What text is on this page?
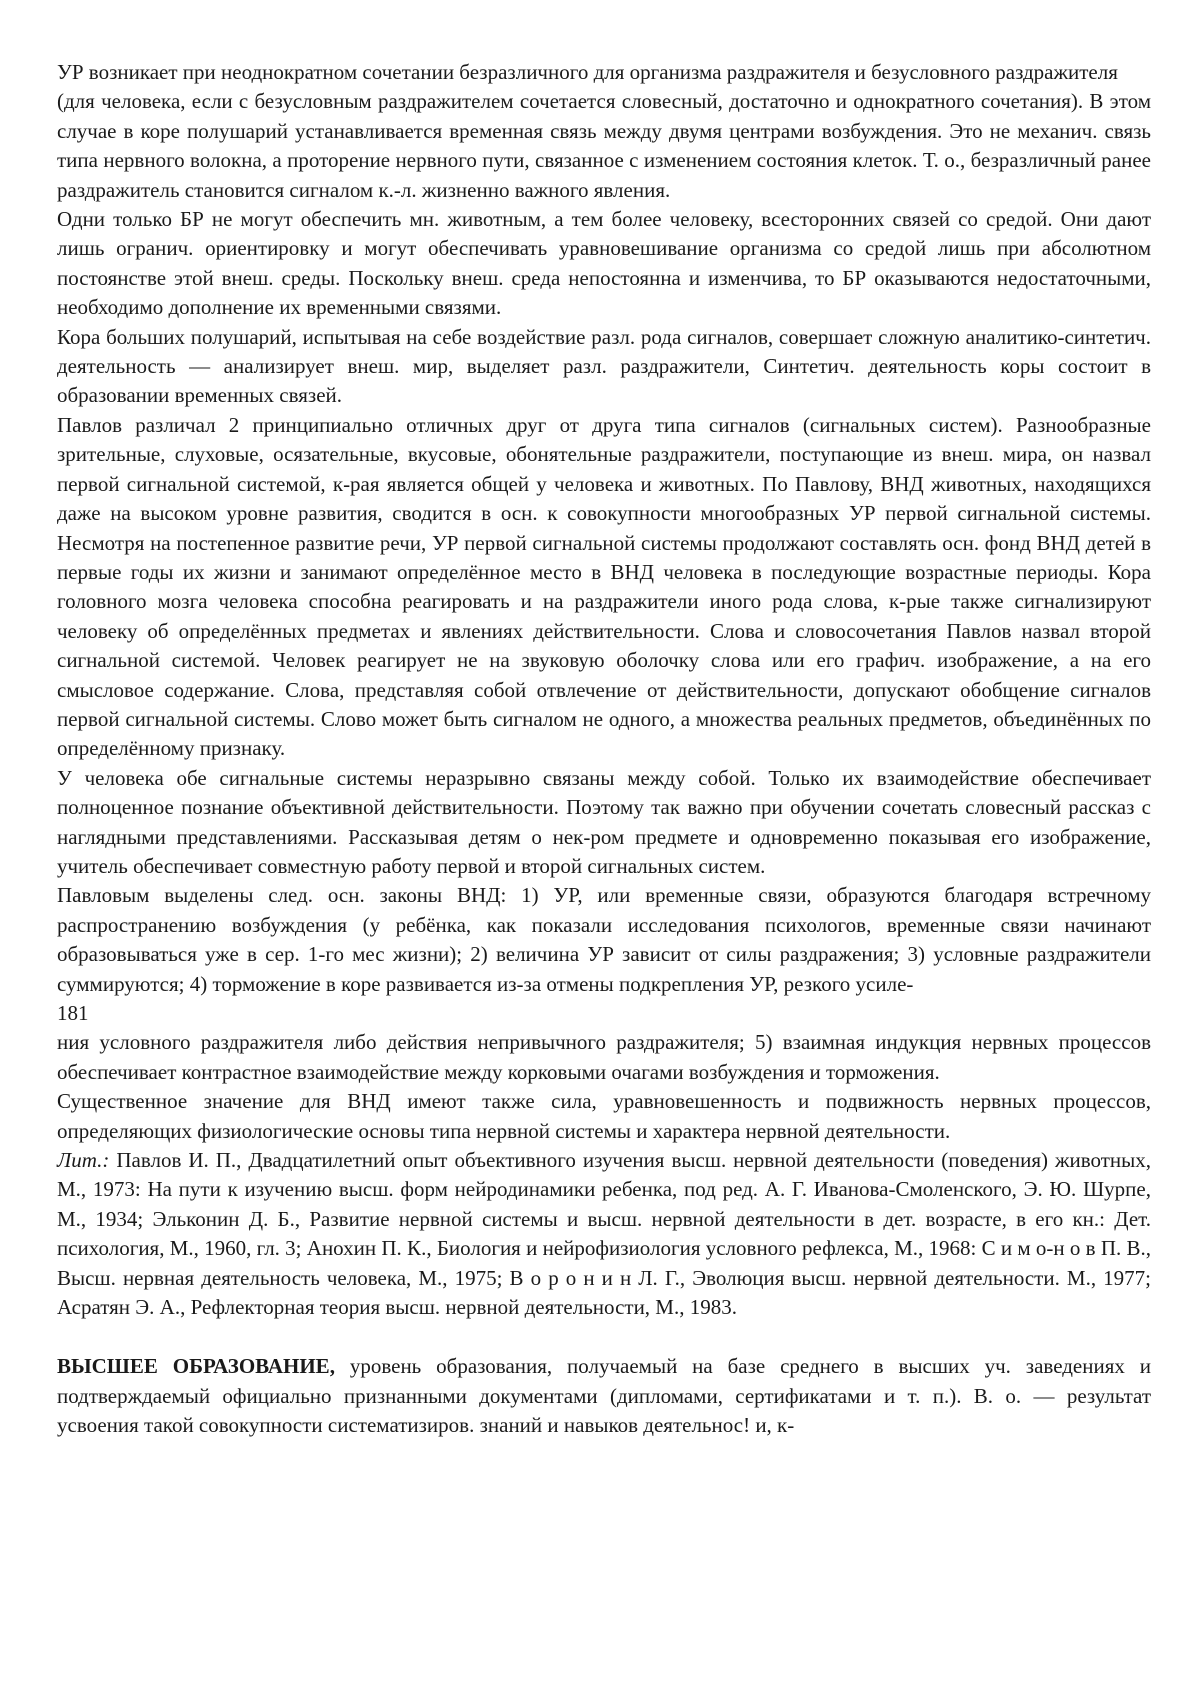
УР возникает при неоднократном сочетании безразличного для организма раздражителя и безусловного раздражителя

(для человека, если с безусловным раздражителем сочетается словесный, достаточно и однократного сочетания). В этом случае в коре полушарий устанавливается временная связь между двумя центрами возбуждения. Это не механич. связь типа нервного волокна, а проторение нервного пути, связанное с изменением состояния клеток. Т. о., безразличный ранее раздражитель становится сигналом к.-л. жизненно важного явления.

Одни только БР не могут обеспечить мн. животным, а тем более человеку, всесторонних связей со средой. Они дают лишь огранич. ориентировку и могут обеспечивать уравновешивание организма со средой лишь при абсолютном постоянстве этой внеш. среды. Поскольку внеш. среда непостоянна и изменчива, то БР оказываются недостаточными, необходимо дополнение их временными связями.

Кора больших полушарий, испытывая на себе воздействие разл. рода сигналов, совершает сложную аналитико-синтетич. деятельность — анализирует внеш. мир, выделяет разл. раздражители, Синтетич. деятельность коры состоит в образовании временных связей.

Павлов различал 2 принципиально отличных друг от друга типа сигналов (сигнальных систем). Разнообразные зрительные, слуховые, осязательные, вкусовые, обонятельные раздражители, поступающие из внеш. мира, он назвал первой сигнальной системой, к-рая является общей у человека и животных. По Павлову, ВНД животных, находящихся даже на высоком уровне развития, сводится в осн. к совокупности многообразных УР первой сигнальной системы. Несмотря на постепенное развитие речи, УР первой сигнальной системы продолжают составлять осн. фонд ВНД детей в первые годы их жизни и занимают определённое место в ВНД человека в последующие возрастные периоды. Кора головного мозга человека способна реагировать и на раздражители иного рода слова, к-рые также сигнализируют человеку об определённых предметах и явлениях действительности. Слова и словосочетания Павлов назвал второй сигнальной системой. Человек реагирует не на звуковую оболочку слова или его графич. изображение, а на его смысловое содержание. Слова, представляя собой отвлечение от действительности, допускают обобщение сигналов первой сигнальной системы. Слово может быть сигналом не одного, а множества реальных предметов, объединённых по определённому признаку.

У человека обе сигнальные системы неразрывно связаны между собой. Только их взаимодействие обеспечивает полноценное познание объективной действительности. Поэтому так важно при обучении сочетать словесный рассказ с наглядными представлениями. Рассказывая детям о нек-ром предмете и одновременно показывая его изображение, учитель обеспечивает совместную работу первой и второй сигнальных систем.

Павловым выделены след. осн. законы ВНД: 1) УР, или временные связи, образуются благодаря встречному распространению возбуждения (у ребёнка, как показали исследования психологов, временные связи начинают образовываться уже в сер. 1-го мес жизни); 2) величина УР зависит от силы раздражения; 3) условные раздражители суммируются; 4) торможение в коре развивается из-за отмены подкрепления УР, резкого усиле-

181

ния условного раздражителя либо действия непривычного раздражителя; 5) взаимная индукция нервных процессов обеспечивает контрастное взаимодействие между корковыми очагами возбуждения и торможения.

Существенное значение для ВНД имеют также сила, уравновешенность и подвижность нервных процессов, определяющих физиологические основы типа нервной системы и характера нервной деятельности.

Лит.: Павлов И. П., Двадцатилетний опыт объективного изучения высш. нервной деятельности (поведения) животных, М., 1973: На пути к изучению высш. форм нейродинамики ребенка, под ред. А. Г. Иванова-Смоленского, Э. Ю. Шурпе, М., 1934; Эльконин Д. Б., Развитие нервной системы и высш. нервной деятельности в дет. возрасте, в его кн.: Дет. психология, М., 1960, гл. 3; Анохин П. К., Биология и нейрофизиология условного рефлекса, М., 1968: С и м о-н о в П. В., Высш. нервная деятельность человека, М., 1975; В о р о н и н Л. Г., Эволюция высш. нервной деятельности. М., 1977; Асратян Э. А., Рефлекторная теория высш. нервной деятельности, М., 1983.

ВЫСШЕЕ ОБРАЗОВАНИЕ, уровень образования, получаемый на базе среднего в высших уч. заведениях и подтверждаемый официально признанными документами (дипломами, сертификатами и т. п.). В. о. — результат усвоения такой совокупности систематизиров. знаний и навыков деятельнос! и, к-
